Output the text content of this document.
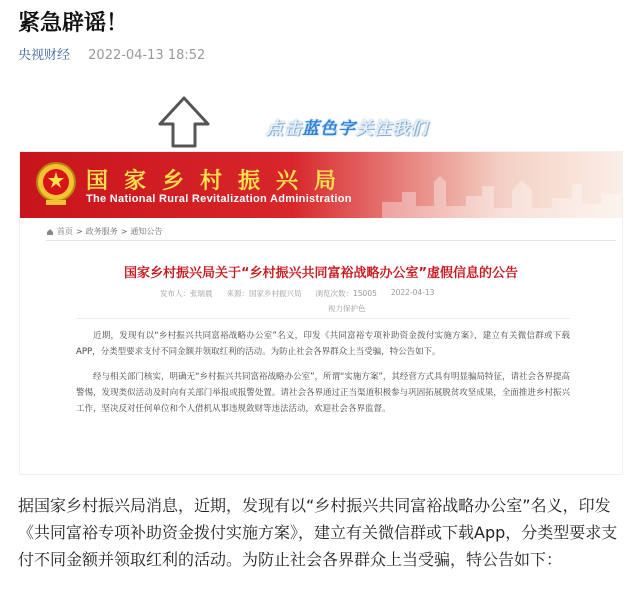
紧急辟谣！
央视财经 2022-04-13 18:52
点击蓝色字关注我们
国家乡村振兴局
The National Rural Revitalization Administration
首页 > 政务服务 > 通知公告
国家乡村振兴局关于“乡村振兴共同富裕战略办公室”虚假信息的公告
发布人：张瑞晨 来源：国家乡村振兴局 浏览次数：15005 2022-04-13
视力保护色

近期，发现有以“乡村振兴共同富裕战略办公室”名义，印发《共同富裕专项补助资金拨付实施方案》，建立有关微信群或下载APP，分类型要求支付不同金额并领取红利的活动。为防止社会各界群众上当受骗，特公告如下。

经与相关部门核实，明确无“乡村振兴共同富裕战略办公室”，所谓“实施方案”，其经营方式具有明显骗局特征，请社会各界提高警惕，发现类似活动及时向有关部门举报或报警处置。请社会各界通过正当渠道积极参与巩固拓展脱贫攻坚成果，全面推进乡村振兴工作，坚决反对任何单位和个人借机从事违规敛财等违法活动，欢迎社会各界监督。

据国家乡村振兴局消息，近期，发现有以“乡村振兴共同富裕战略办公室”名义，印发《共同富裕专项补助资金拨付实施方案》，建立有关微信群或下载App，分类型要求支付不同金额并领取红利的活动。为防止社会各界群众上当受骗，特公告如下：
